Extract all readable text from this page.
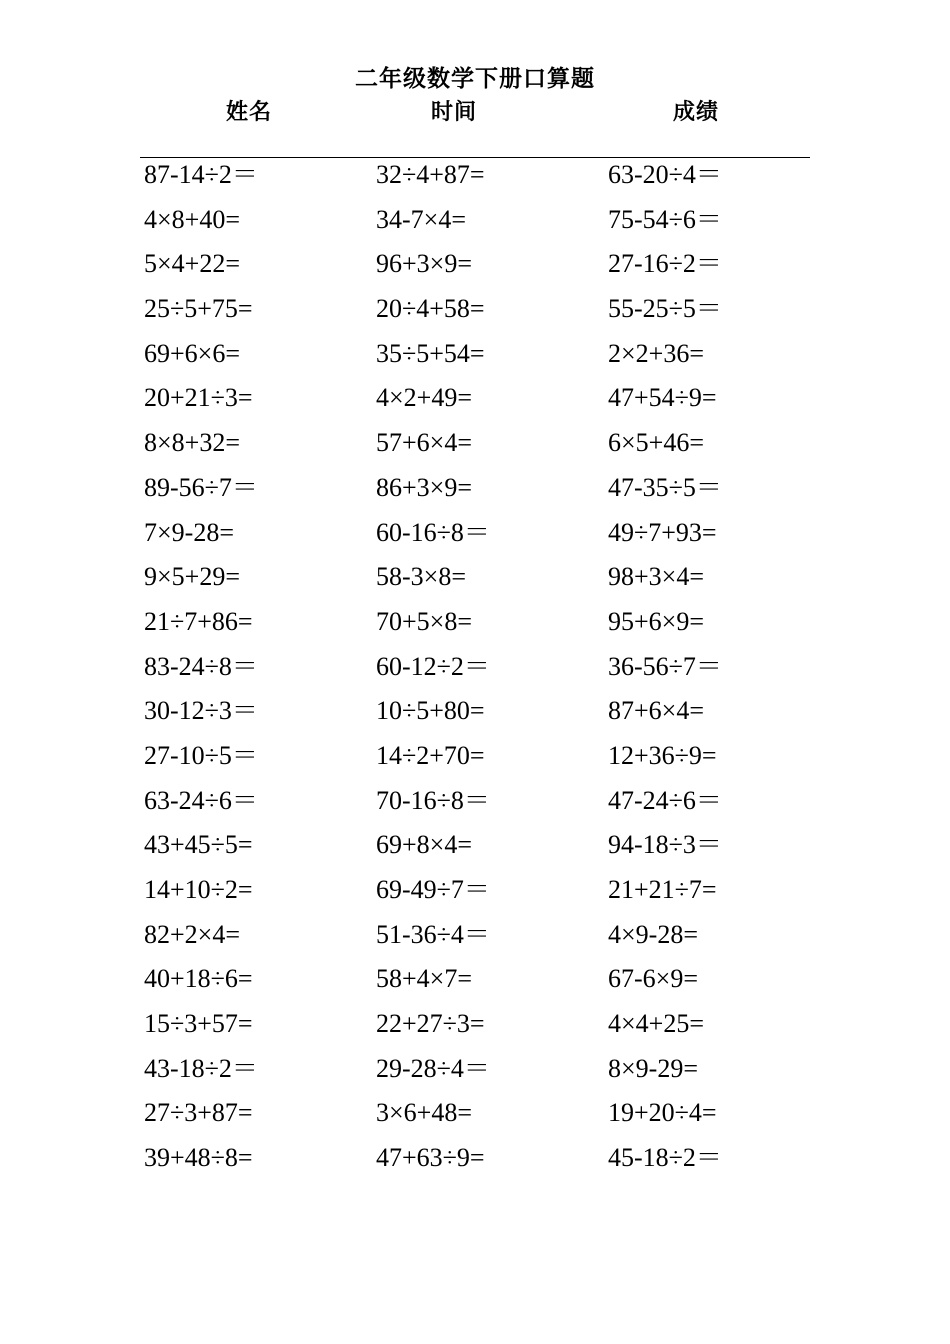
二年级数学下册口算题
姓名	时间	成绩
87-14÷2＝	32÷4+87=	63-20÷4＝
4×8+40=	34-7×4=	75-54÷6＝
5×4+22=	96+3×9=	27-16÷2＝
25÷5+75=	20÷4+58=	55-25÷5＝
69+6×6=	35÷5+54=	2×2+36=
20+21÷3=	4×2+49=	47+54÷9=
8×8+32=	57+6×4=	6×5+46=
89-56÷7＝	86+3×9=	47-35÷5＝
7×9-28=	60-16÷8＝	49÷7+93=
9×5+29=	58-3×8=	98+3×4=
21÷7+86=	70+5×8=	95+6×9=
83-24÷8＝	60-12÷2＝	36-56÷7＝
30-12÷3＝	10÷5+80=	87+6×4=
27-10÷5＝	14÷2+70=	12+36÷9=
63-24÷6＝	70-16÷8＝	47-24÷6＝
43+45÷5=	69+8×4=	94-18÷3＝
14+10÷2=	69-49÷7＝	21+21÷7=
82+2×4=	51-36÷4＝	4×9-28=
40+18÷6=	58+4×7=	67-6×9=
15÷3+57=	22+27÷3=	4×4+25=
43-18÷2＝	29-28÷4＝	8×9-29=
27÷3+87=	3×6+48=	19+20÷4=
39+48÷8=	47+63÷9=	45-18÷2＝
